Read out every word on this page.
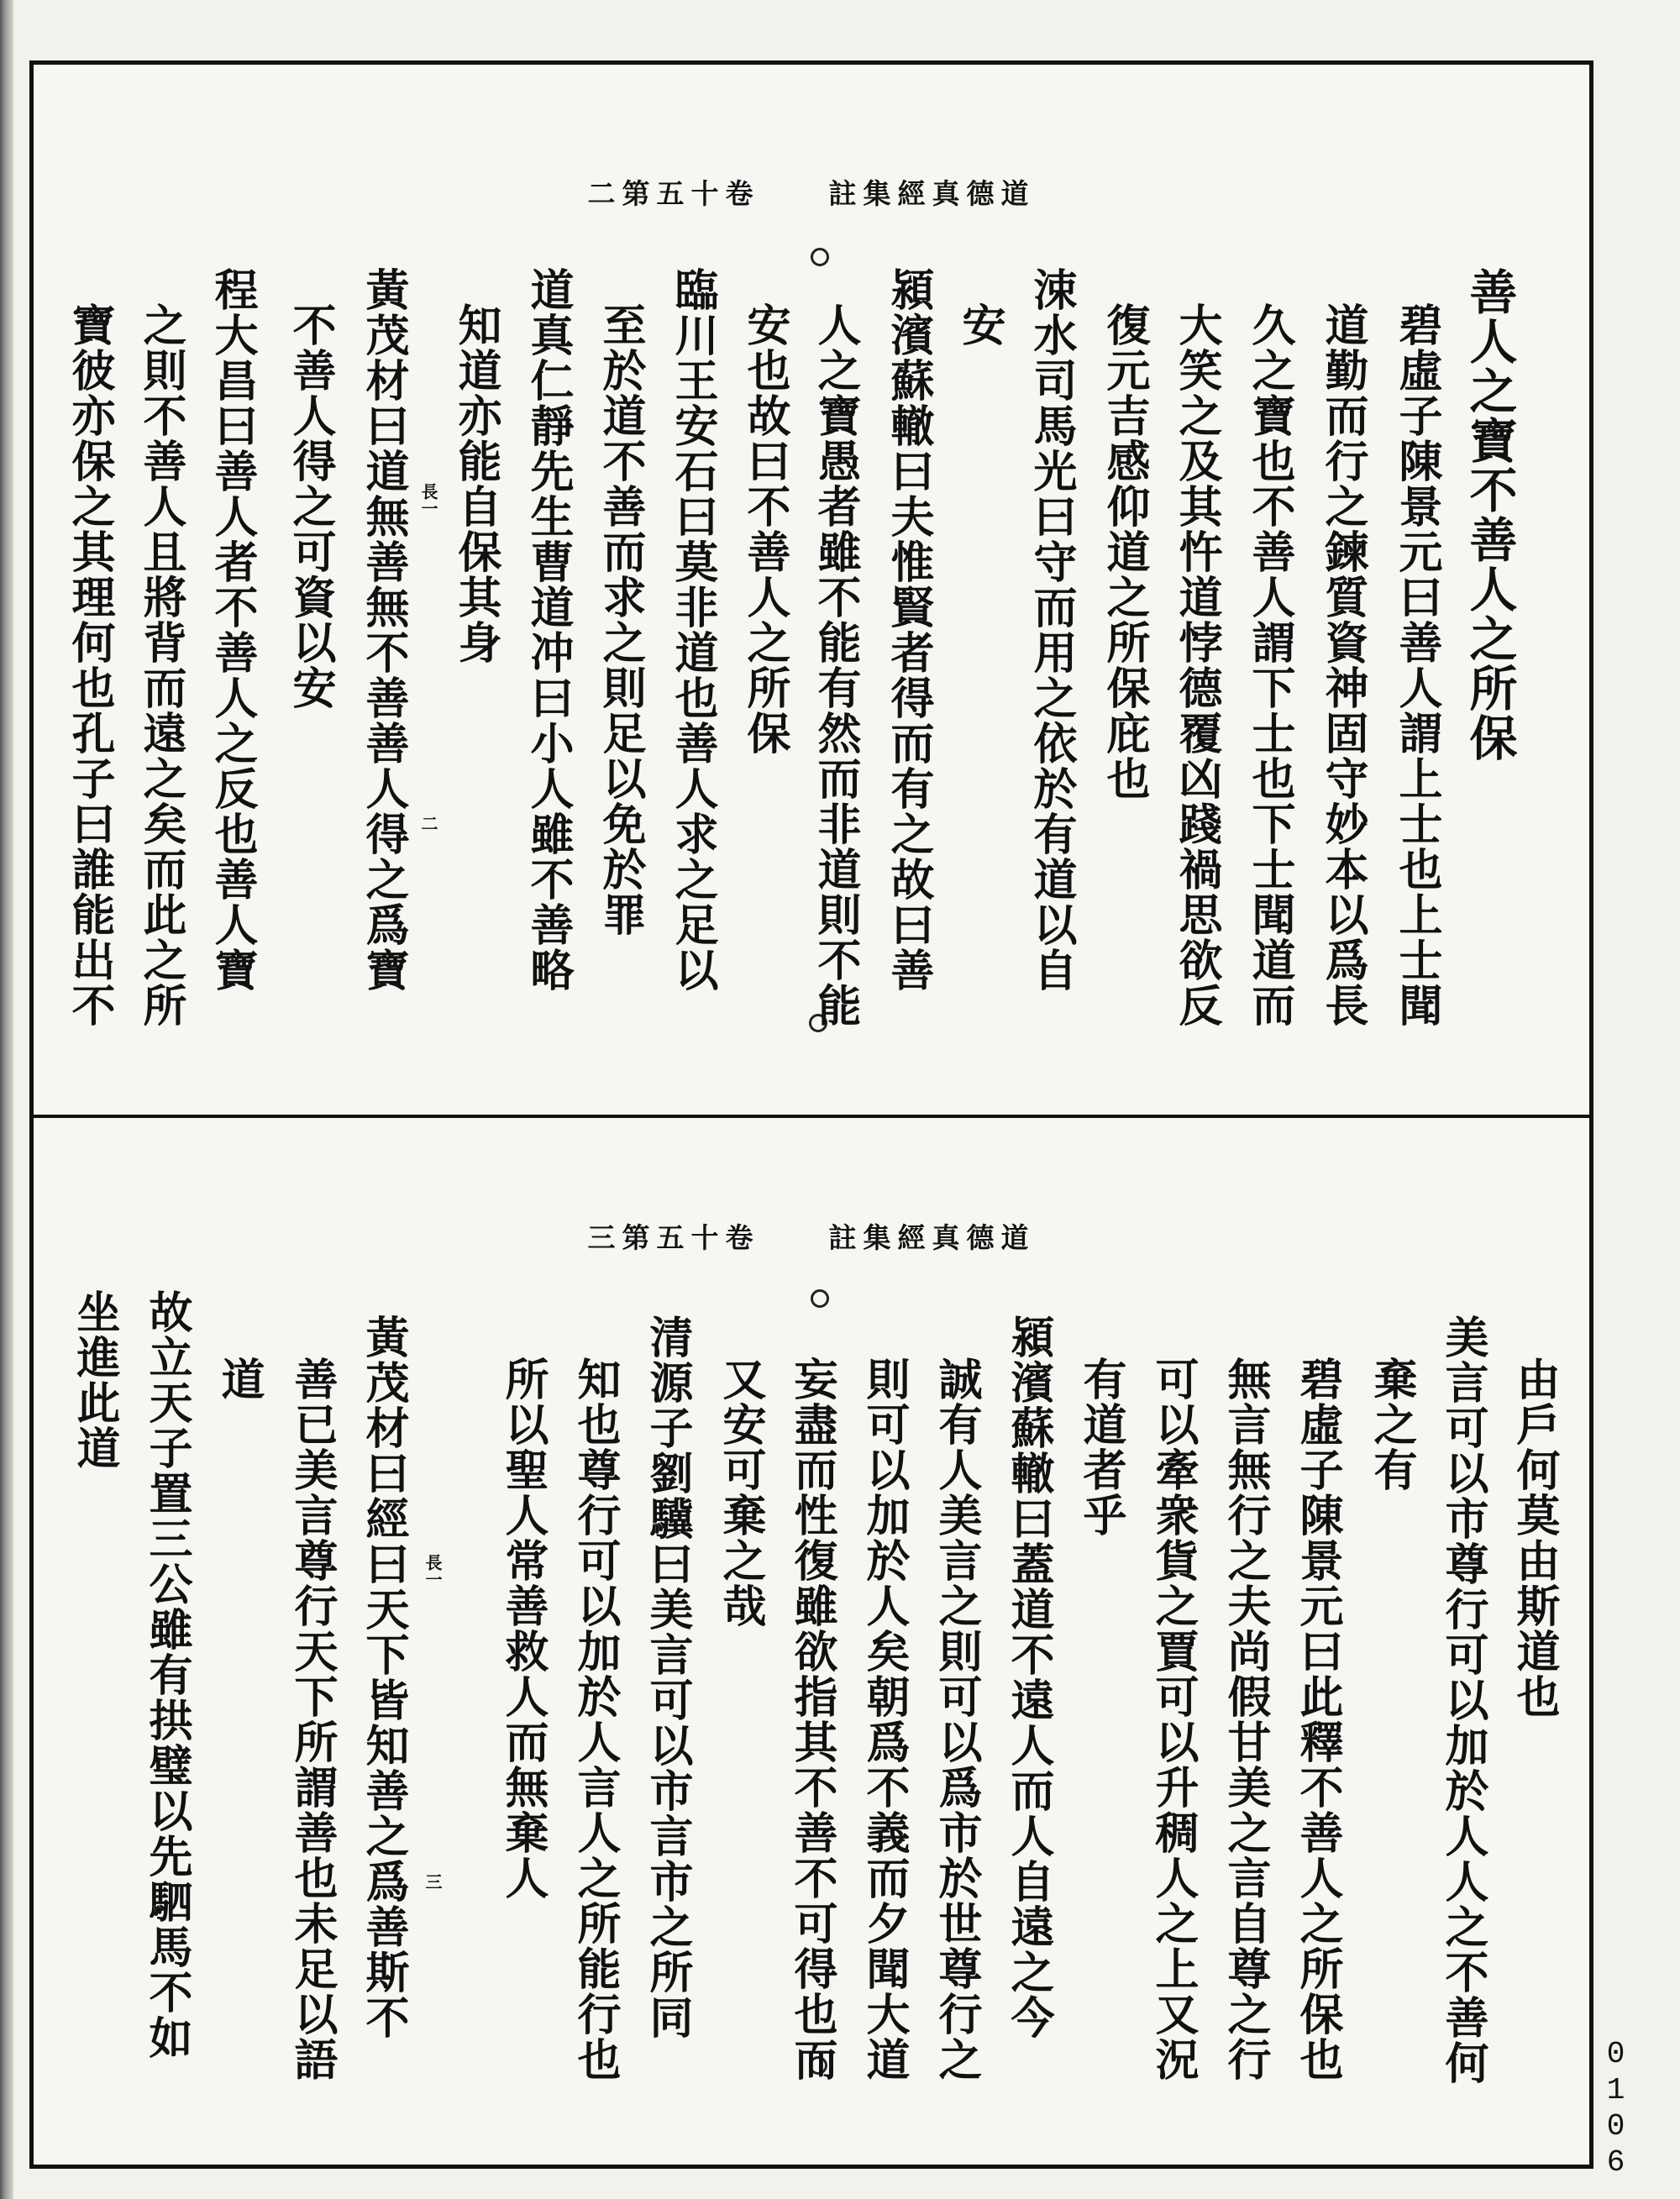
二第五十卷　　註集經真德道
善人之寶不善人之所保
碧虛子陳景元曰善人謂上士也上士聞
道勤而行之鍊質資神固守妙本以爲長
久之寶也不善人謂下士也下士聞道而
大笑之及其忤道悖德覆凶踐禍思欲反
復元吉感仰道之所保庇也
涑水司馬光曰守而用之依於有道以自
安
潁濱蘇轍曰夫惟賢者得而有之故曰善
人之寶愚者雖不能有然而非道則不能
安也故曰不善人之所保
臨川王安石曰莫非道也善人求之足以
至於道不善而求之則足以免於罪
道真仁靜先生曹道冲曰小人雖不善略
知道亦能自保其身
黃茂材曰道無善無不善善人得之爲寶
不善人得之可資以安
程大昌曰善人者不善人之反也善人寶
之則不善人且將背而遠之矣而此之所
寶彼亦保之其理何也孔子曰誰能出不	長一
二
三第五十卷　　註集經真德道
由戶何莫由斯道也
美言可以市尊行可以加於人人之不善何
棄之有
碧虛子陳景元曰此釋不善人之所保也
無言無行之夫尚假甘美之言自尊之行
可以牽衆貨之賈可以升稠人之上又況
有道者乎
潁濱蘇轍曰蓋道不遠人而人自遠之今
誠有人美言之則可以爲市於世尊行之
則可以加於人矣朝爲不義而夕聞大道
妄盡而性復雖欲指其不善不可得也而
又安可棄之哉
清源子劉驥曰美言可以市言市之所同
知也尊行可以加於人言人之所能行也
所以聖人常善救人而無棄人
黃茂材曰經曰天下皆知善之爲善斯不
善已美言尊行天下所謂善也未足以語
道
故立天子置三公雖有拱璧以先駟馬不如
坐進此道
長一
三
0106
